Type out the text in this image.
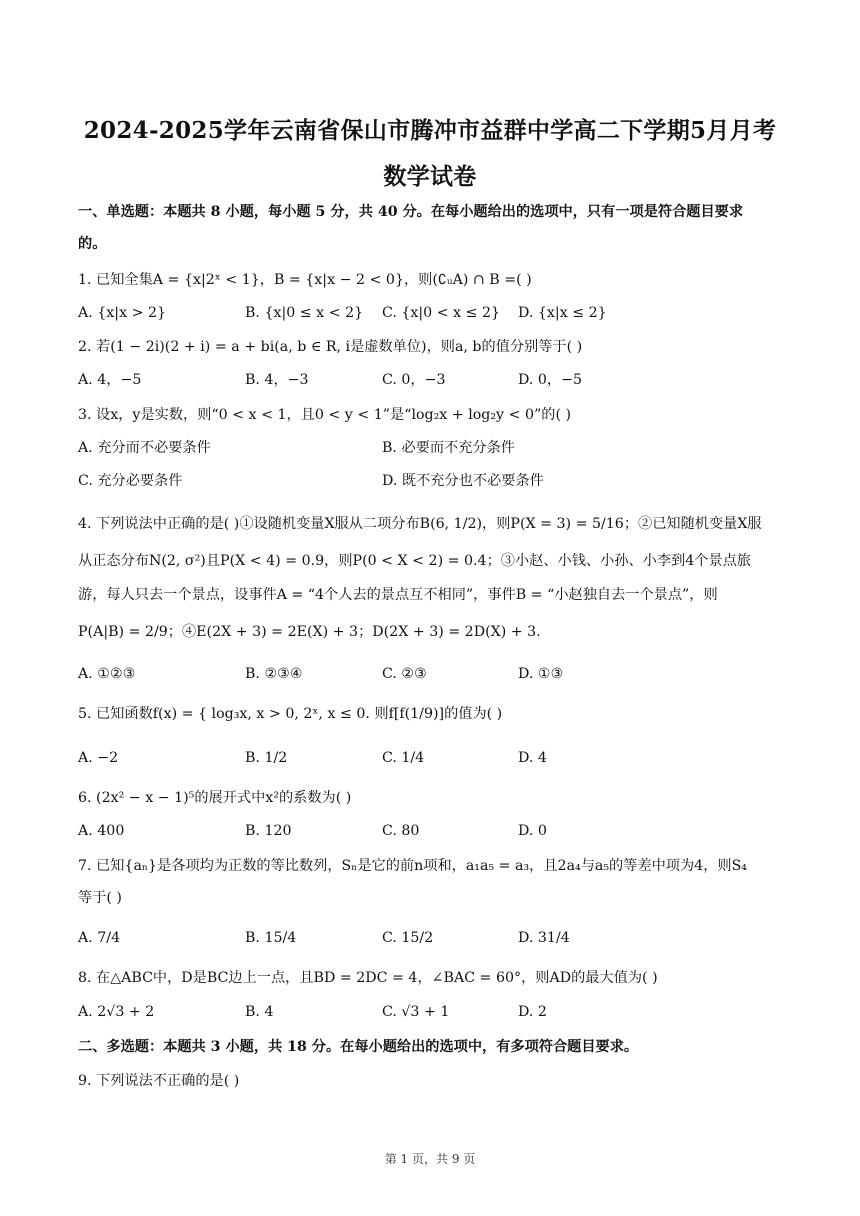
2024-2025学年云南省保山市腾冲市益群中学高二下学期5月月考
数学试卷
一、单选题：本题共 8 小题，每小题 5 分，共 40 分。在每小题给出的选项中，只有一项是符合题目要求
的。
1. 已知全集A = {x|2ˣ < 1}，B = {x|x − 2 < 0}，则(∁ᵤA) ∩ B =( )
A. {x|x > 2}	B. {x|0 ≤ x < 2} C. {x|0 < x ≤ 2} D. {x|x ≤ 2}
2. 若(1 − 2i)(2 + i) = a + bi(a, b ∈ R, i是虚数单位)，则a, b的值分别等于( )
A. 4，−5	B. 4，−3	C. 0，−3	D. 0，−5
3. 设x，y是实数，则“0 < x < 1，且0 < y < 1”是“log₂x + log₂y < 0”的( )
A. 充分而不必要条件	B. 必要而不充分条件
C. 充分必要条件	D. 既不充分也不必要条件
4. 下列说法中正确的是( )①设随机变量X服从二项分布B(6, 1/2)，则P(X = 3) = 5/16；②已知随机变量X服
从正态分布N(2, σ²)且P(X < 4) = 0.9，则P(0 < X < 2) = 0.4；③小赵、小钱、小孙、小李到4个景点旅
游，每人只去一个景点，设事件A = “4个人去的景点互不相同”，事件B = “小赵独自去一个景点”，则
P(A|B) = 2/9；④E(2X + 3) = 2E(X) + 3；D(2X + 3) = 2D(X) + 3.
A. ①②③	B. ②③④	C. ②③	D. ①③
5. 已知函数f(x) = { log₃x, x > 0, 2ˣ, x ≤ 0. 则f[f(1/9)]的值为( )
A. −2	B. 1/2	C. 1/4	D. 4
6. (2x² − x − 1)⁵的展开式中x²的系数为( )
A. 400	B. 120	C. 80	D. 0
7. 已知{aₙ}是各项均为正数的等比数列，Sₙ是它的前n项和，a₁a₅ = a₃，且2a₄与a₅的等差中项为4，则S₄
等于( )
A. 7/4	B. 15/4	C. 15/2	D. 31/4
8. 在△ABC中，D是BC边上一点，且BD = 2DC = 4，∠BAC = 60°，则AD的最大值为( )
A. 2√3 + 2	B. 4	C. √3 + 1	D. 2
二、多选题：本题共 3 小题，共 18 分。在每小题给出的选项中，有多项符合题目要求。
9. 下列说法不正确的是( )
第 1 页，共 9 页
